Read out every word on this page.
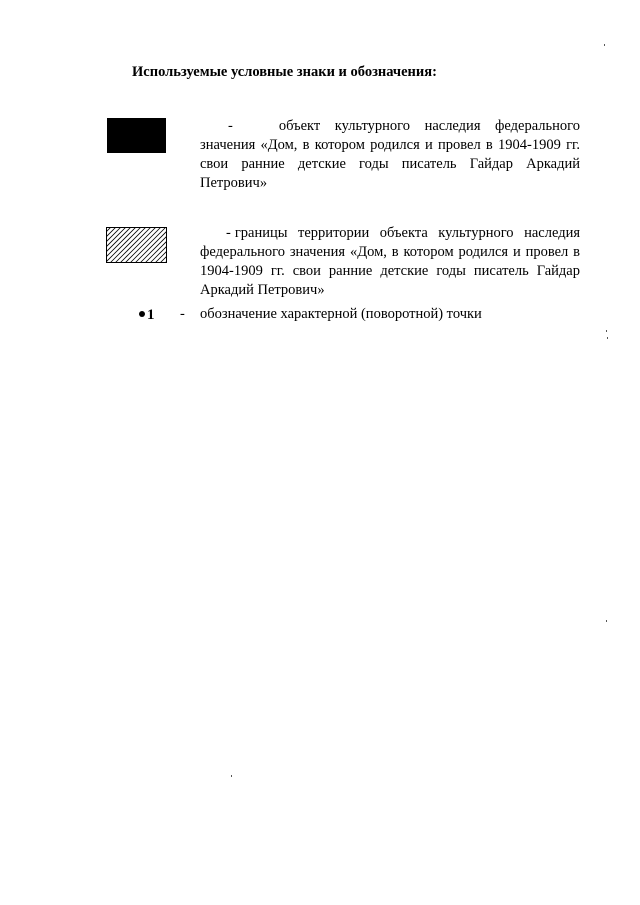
Используемые условные знаки и обозначения:
-	объект культурного наследия федерального значения «Дом, в котором родился и провел в 1904-1909 гг. свои ранние детские годы писатель Гайдар Аркадий Петрович»
- границы территории объекта культурного наследия федерального значения «Дом, в котором родился и провел в 1904-1909 гг. свои ранние детские годы писатель Гайдар Аркадий Петрович»
1 - обозначение характерной (поворотной) точки
